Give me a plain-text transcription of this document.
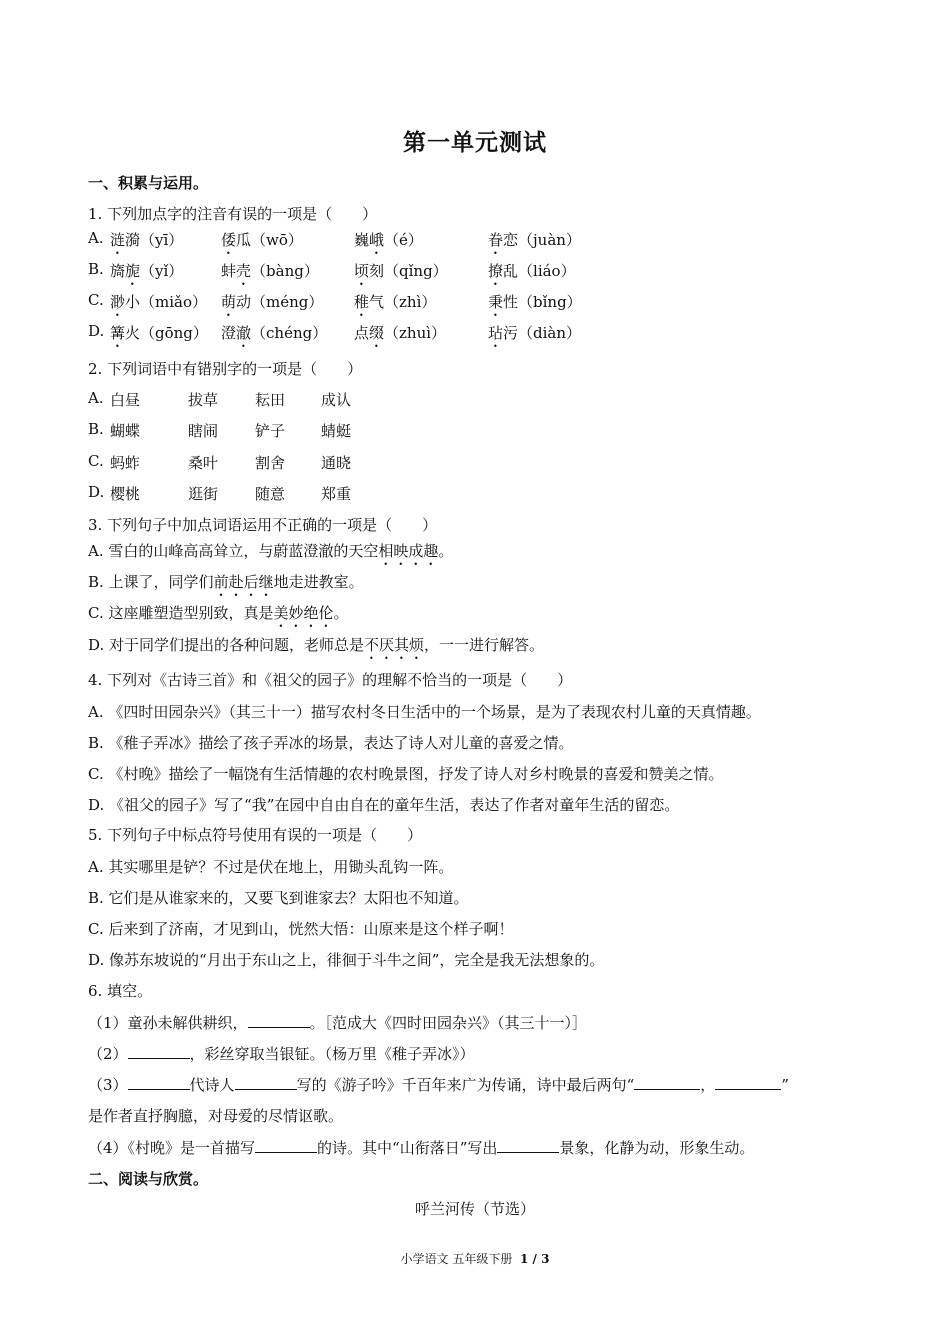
第一单元测试
一、积累与运用。
1. 下列加点字的注音有误的一项是（　　）
A. 涟漪（yī）	倭瓜（wō）	巍峨（é）	眷恋（juàn）
B. 旖旎（yǐ）	蚌壳（bàng） 顷刻（qǐng）	撩乱（liáo）
C. 渺小（miǎo） 萌动（méng） 稚气（zhì）	秉性（bǐng）
D. 篝火（gōng） 澄澈（chéng） 点缀（zhuì）	玷污（diàn）
2. 下列词语中有错别字的一项是（　　）
A. 白昼	拔草 耘田 成认
B. 蝴蝶	瞎闹 铲子 蜻蜓
C. 蚂蚱	桑叶 割舍 通晓
D. 樱桃	逛街 随意 郑重
3. 下列句子中加点词语运用不正确的一项是（　　）
A. 雪白的山峰高高耸立，与蔚蓝澄澈的天空相映成趣。
B. 上课了，同学们前赴后继地走进教室。
C. 这座雕塑造型别致，真是美妙绝伦。
D. 对于同学们提出的各种问题，老师总是不厌其烦，一一进行解答。
4. 下列对《古诗三首》和《祖父的园子》的理解不恰当的一项是（　　）
A. 《四时田园杂兴》（其三十一）描写农村冬日生活中的一个场景，是为了表现农村儿童的天真情趣。
B. 《稚子弄冰》描绘了孩子弄冰的场景，表达了诗人对儿童的喜爱之情。
C. 《村晚》描绘了一幅饶有生活情趣的农村晚景图，抒发了诗人对乡村晚景的喜爱和赞美之情。
D. 《祖父的园子》写了“我”在园中自由自在的童年生活，表达了作者对童年生活的留恋。
5. 下列句子中标点符号使用有误的一项是（　　）
A. 其实哪里是铲？不过是伏在地上，用锄头乱钩一阵。
B. 它们是从谁家来的，又要飞到谁家去？太阳也不知道。
C. 后来到了济南，才见到山，恍然大悟：山原来是这个样子啊！
D. 像苏东坡说的“月出于东山之上，徘徊于斗牛之间”，完全是我无法想象的。
6. 填空。
（1）童孙未解供耕织，	。［范成大《四时田园杂兴》（其三十一）］
（2）	，彩丝穿取当银钲。（杨万里《稚子弄冰》）
（3）	代诗人	写的《游子吟》千百年来广为传诵，诗中最后两句“	，	”
是作者直抒胸臆，对母爱的尽情讴歌。
（4）《村晚》是一首描写	的诗。其中“山衔落日”写出	景象，化静为动，形象生动。
二、阅读与欣赏。
呼兰河传（节选）
小学语文 五年级下册 1 / 3
